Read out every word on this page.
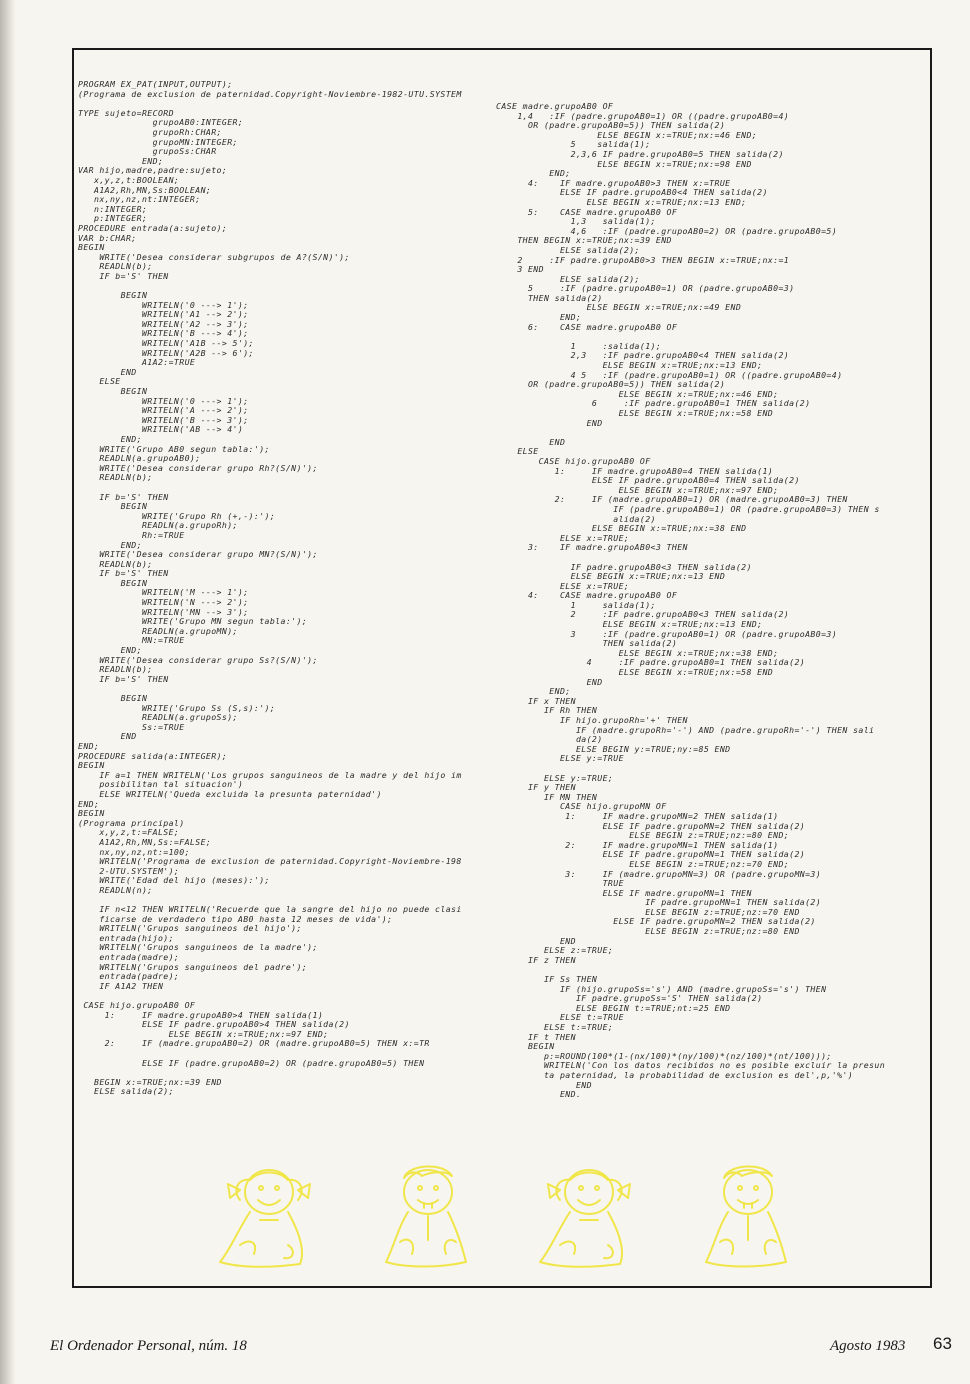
PROGRAM EX_PAT(INPUT,OUTPUT);
(Programa de exclusion de paternidad.Copyright-Noviembre-1982-UTU.SYSTEM

TYPE sujeto=RECORD
grupoAB0:INTEGER;
grupoRh:CHAR;
grupoMN:INTEGER;
grupoSs:CHAR
END;
VAR hijo,madre,padre:sujeto;
x,y,z,t:BOOLEAN;
A1A2,Rh,MN,Ss:BOOLEAN;
nx,ny,nz,nt:INTEGER;
n:INTEGER;
p:INTEGER;
PROCEDURE entrada(a:sujeto);
VAR b:CHAR;
BEGIN
WRITE('Desea considerar subgrupos de A?(S/N)');
READLN(b);
IF b='S' THEN

BEGIN
WRITELN('0 ---> 1');
WRITELN('A1 --> 2');
WRITELN('A2 --> 3');
WRITELN('B ---> 4');
WRITELN('A1B --> 5');
WRITELN('A2B --> 6');
A1A2:=TRUE
END
ELSE
BEGIN
WRITELN('0 ---> 1');
WRITELN('A ---> 2');
WRITELN('B ---> 3');
WRITELN('AB --> 4')
END;
WRITE('Grupo AB0 segun tabla:');
READLN(a.grupoAB0);
WRITE('Desea considerar grupo Rh?(S/N)');
READLN(b);

IF b='S' THEN
BEGIN
WRITE('Grupo Rh (+,-):');
READLN(a.grupoRh);
Rh:=TRUE
END;
WRITE('Desea considerar grupo MN?(S/N)');
READLN(b);
IF b='S' THEN
BEGIN
WRITELN('M ---> 1');
WRITELN('N ---> 2');
WRITELN('MN --> 3');
WRITE('Grupo MN segun tabla:');
READLN(a.grupoMN);
MN:=TRUE
END;
WRITE('Desea considerar grupo Ss?(S/N)');
READLN(b);
IF b='S' THEN

BEGIN
WRITE('Grupo Ss (S,s):');
READLN(a.grupoSs);
Ss:=TRUE
END
END;
PROCEDURE salida(a:INTEGER);
BEGIN
IF a=1 THEN WRITELN('Los grupos sanguineos de la madre y del hijo im
posibilitan tal situacion')
ELSE WRITELN('Queda excluida la presunta paternidad')
END;
BEGIN
(Programa principal)
x,y,z,t:=FALSE;
A1A2,Rh,MN,Ss:=FALSE;
nx,ny,nz,nt:=100;
WRITELN('Programa de exclusion de paternidad.Copyright-Noviembre-198
2-UTU.SYSTEM');
WRITE('Edad del hijo (meses):');
READLN(n);

IF n<12 THEN WRITELN('Recuerde que la sangre del hijo no puede clasi
ficarse de verdadero tipo AB0 hasta 12 meses de vida');
WRITELN('Grupos sanguineos del hijo');
entrada(hijo);
WRITELN('Grupos sanguineos de la madre');
entrada(madre);
WRITELN('Grupos sanguineos del padre');
entrada(padre);
IF A1A2 THEN

CASE hijo.grupoAB0 OF
1:     IF madre.grupoAB0>4 THEN salida(1)
ELSE IF padre.grupoAB0>4 THEN salida(2)
ELSE BEGIN x:=TRUE;nx:=97 END;
2:     IF (madre.grupoAB0=2) OR (madre.grupoAB0=5) THEN x:=TR

ELSE IF (padre.grupoAB0=2) OR (padre.grupoAB0=5) THEN

BEGIN x:=TRUE;nx:=39 END
ELSE salida(2);
CASE madre.grupoAB0 OF
1,4   :IF (padre.grupoAB0=1) OR ((padre.grupoAB0=4)
OR (padre.grupoAB0=5)) THEN salida(2)
ELSE BEGIN x:=TRUE;nx:=46 END;
5    salida(1);
2,3,6 IF padre.grupoAB0=5 THEN salida(2)
ELSE BEGIN x:=TRUE;nx:=98 END
END;
4:    IF madre.grupoAB0>3 THEN x:=TRUE
ELSE IF padre.grupoAB0<4 THEN salida(2)
ELSE BEGIN x:=TRUE;nx:=13 END;
5:    CASE madre.grupoAB0 OF
1,3   salida(1);
4,6   :IF (padre.grupoAB0=2) OR (padre.grupoAB0=5)
THEN BEGIN x:=TRUE;nx:=39 END
ELSE salida(2);
2     :IF padre.grupoAB0>3 THEN BEGIN x:=TRUE;nx:=1
3 END
ELSE salida(2);
5     :IF (padre.grupoAB0=1) OR (padre.grupoAB0=3)
THEN salida(2)
ELSE BEGIN x:=TRUE;nx:=49 END
END;
6:    CASE madre.grupoAB0 OF

1     :salida(1);
2,3   :IF padre.grupoAB0<4 THEN salida(2)
ELSE BEGIN x:=TRUE;nx:=13 END;
4 5   :IF (padre.grupoAB0=1) OR ((padre.grupoAB0=4)
OR (padre.grupoAB0=5)) THEN salida(2)
ELSE BEGIN x:=TRUE;nx:=46 END;
6     :IF padre.grupoAB0=1 THEN salida(2)
ELSE BEGIN x:=TRUE;nx:=58 END
END

END
ELSE
CASE hijo.grupoAB0 OF
1:     IF madre.grupoAB0=4 THEN salida(1)
ELSE IF padre.grupoAB0=4 THEN salida(2)
ELSE BEGIN x:=TRUE;nx:=97 END;
2:     IF (madre.grupoAB0=1) OR (madre.grupoAB0=3) THEN
IF (padre.grupoAB0=1) OR (padre.grupoAB0=3) THEN s
alida(2)
ELSE BEGIN x:=TRUE;nx:=38 END
ELSE x:=TRUE;
3:    IF madre.grupoAB0<3 THEN

IF padre.grupoAB0<3 THEN salida(2)
ELSE BEGIN x:=TRUE;nx:=13 END
ELSE x:=TRUE;
4:    CASE madre.grupoAB0 OF
1     salida(1);
2     :IF padre.grupoAB0<3 THEN salida(2)
ELSE BEGIN x:=TRUE;nx:=13 END;
3     :IF (padre.grupoAB0=1) OR (padre.grupoAB0=3)
THEN salida(2)
ELSE BEGIN x:=TRUE;nx:=38 END;
4     :IF padre.grupoAB0=1 THEN salida(2)
ELSE BEGIN x:=TRUE;nx:=58 END
END
END;
IF x THEN
IF Rh THEN
IF hijo.grupoRh='+' THEN
IF (madre.grupoRh='-') AND (padre.grupoRh='-') THEN sali
da(2)
ELSE BEGIN y:=TRUE;ny:=85 END
ELSE y:=TRUE

ELSE y:=TRUE;
IF y THEN
IF MN THEN
CASE hijo.grupoMN OF
1:     IF madre.grupoMN=2 THEN salida(1)
ELSE IF padre.grupoMN=2 THEN salida(2)
ELSE BEGIN z:=TRUE;nz:=80 END;
2:     IF madre.grupoMN=1 THEN salida(1)
ELSE IF padre.grupoMN=1 THEN salida(2)
ELSE BEGIN z:=TRUE;nz:=70 END;
3:     IF (madre.grupoMN=3) OR (padre.grupoMN=3)
TRUE
ELSE IF madre.grupoMN=1 THEN
IF padre.grupoMN=1 THEN salida(2)
ELSE BEGIN z:=TRUE;nz:=70 END
ELSE IF padre.grupoMN=2 THEN salida(2)
ELSE BEGIN z:=TRUE;nz:=80 END
END
ELSE z:=TRUE;
IF z THEN

IF Ss THEN
IF (hijo.grupoSs='s') AND (madre.grupoSs='s') THEN
IF padre.grupoSs='S' THEN salida(2)
ELSE BEGIN t:=TRUE;nt:=25 END
ELSE t:=TRUE
ELSE t:=TRUE;
IF t THEN
BEGIN
p:=ROUND(100*(1-(nx/100)*(ny/100)*(nz/100)*(nt/100)));
WRITELN('Con los datos recibidos no es posible excluir la presun
ta paternidad, la probabilidad de exclusion es del',p,'%')
END
END.
El Ordenador Personal, núm. 18	Agosto 1983 63
